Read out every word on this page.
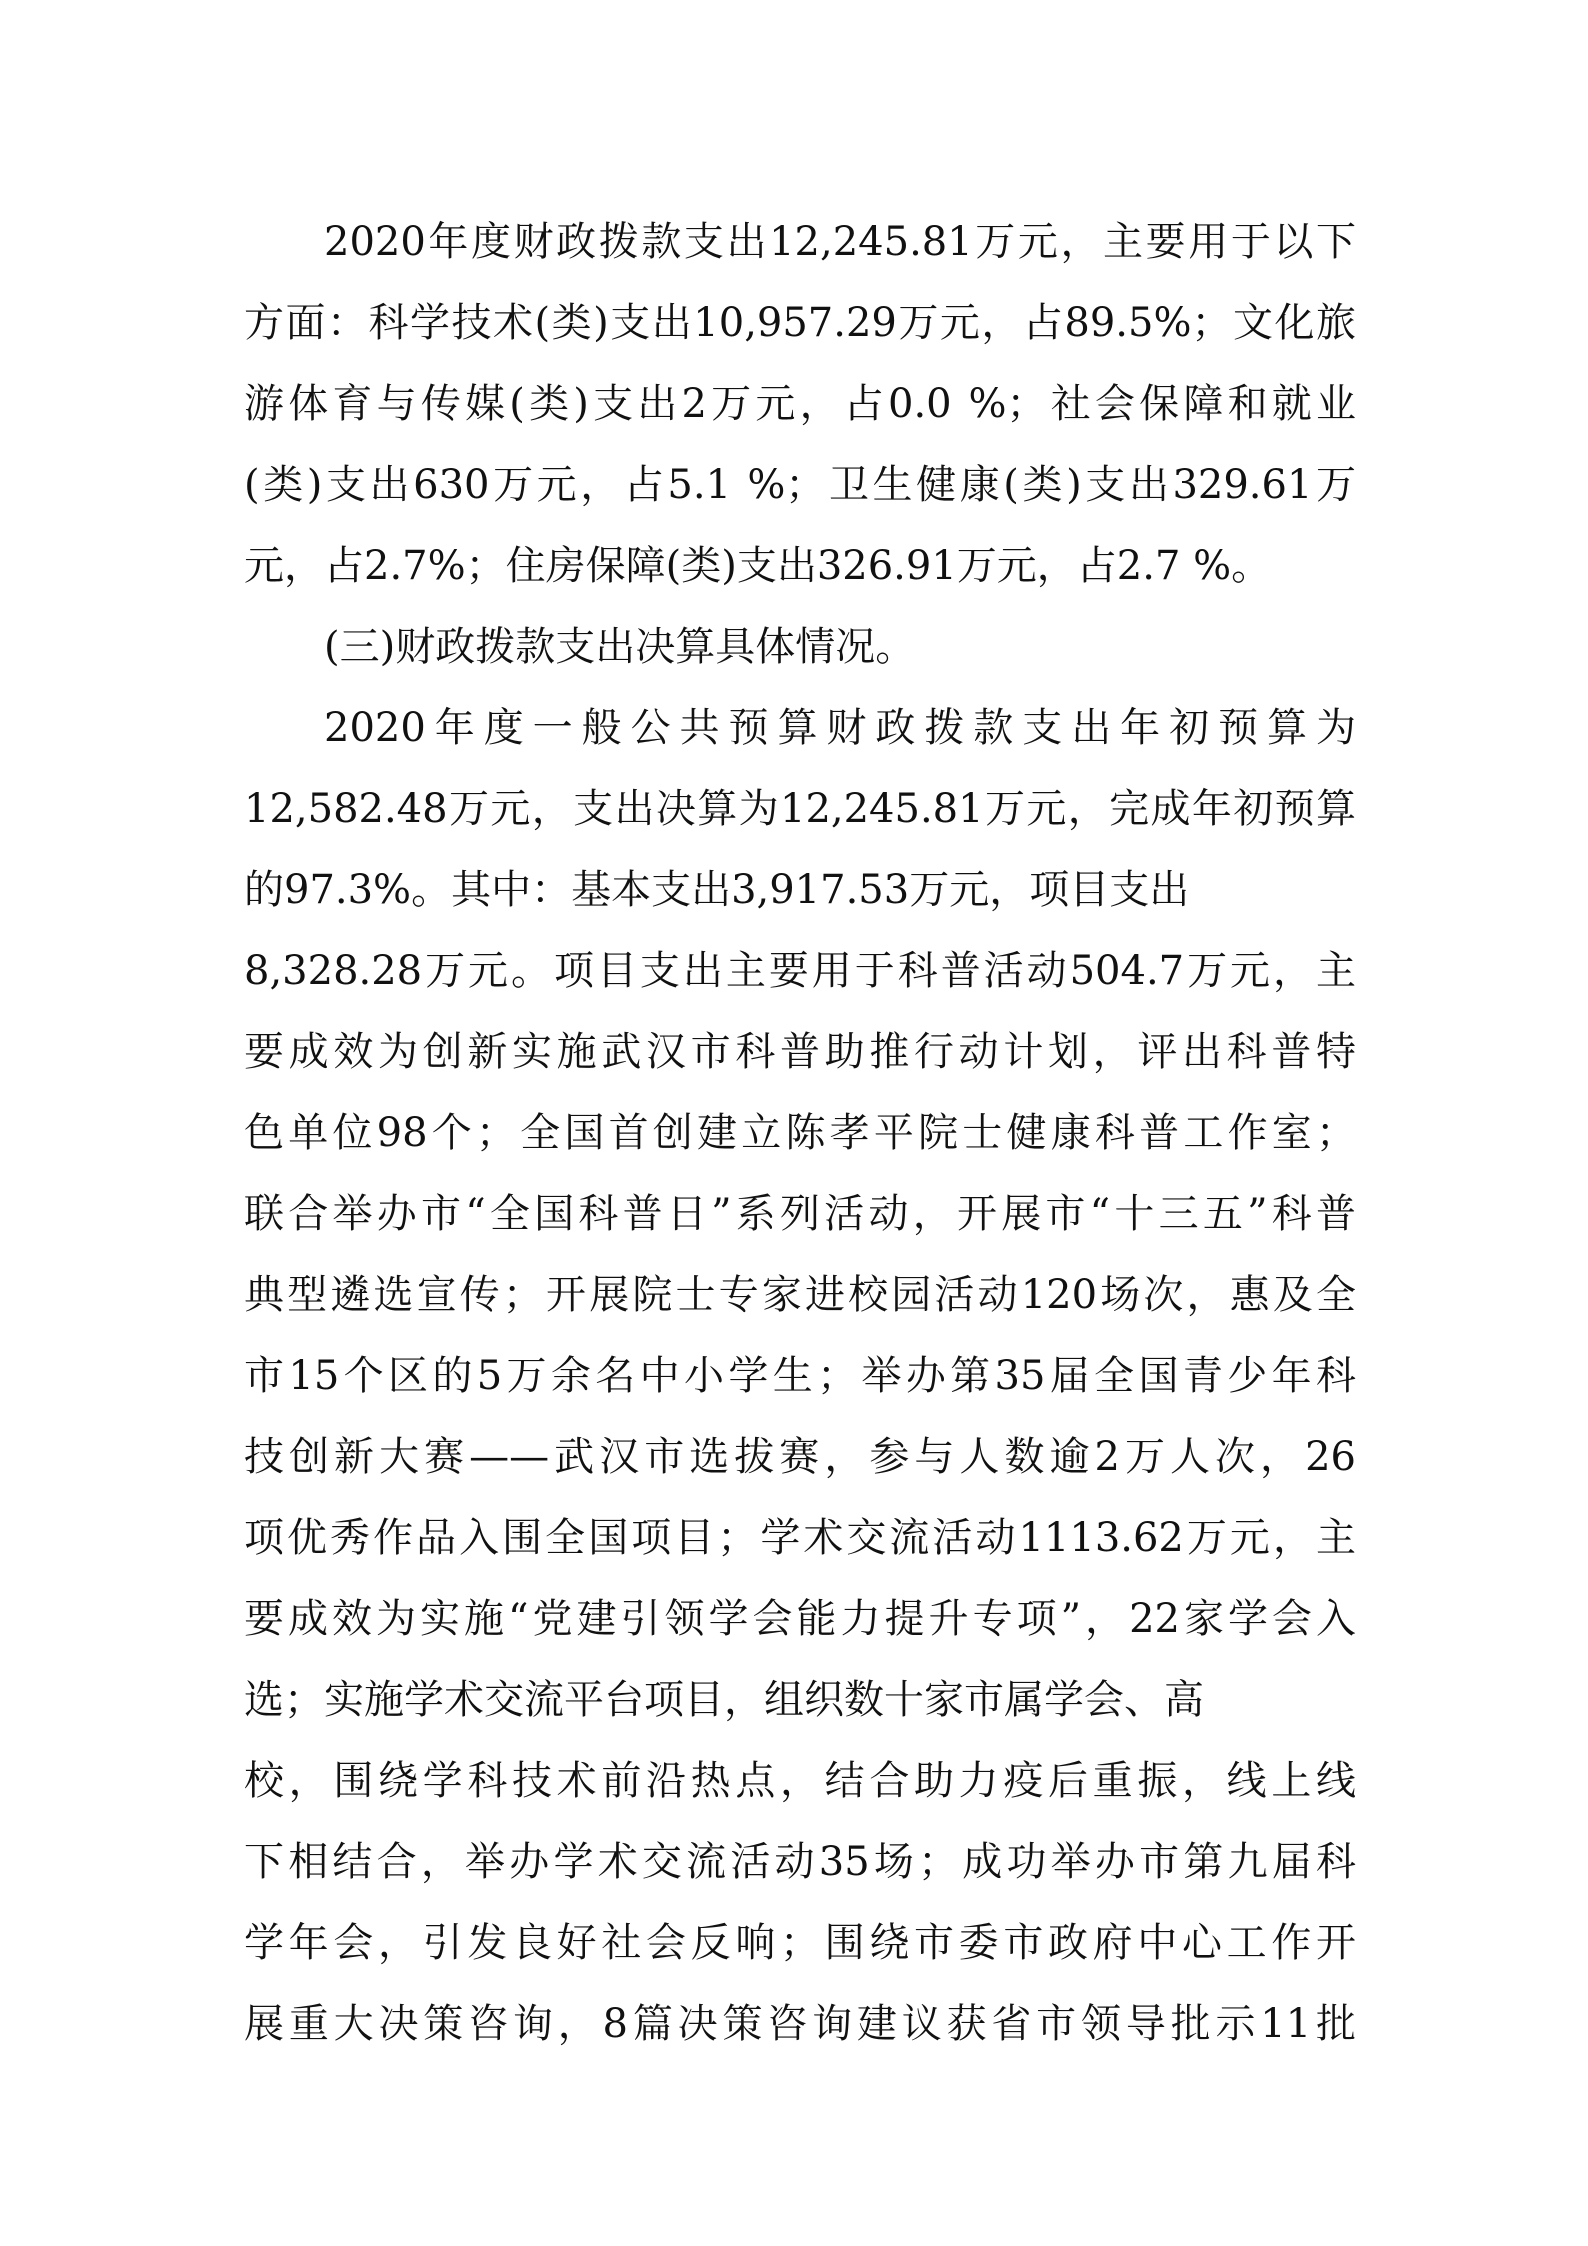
2020年度财政拨款支出12,245.81万元，主要用于以下
方面：科学技术(类)支出10,957.29万元，占89.5%；文化旅
游体育与传媒(类)支出2万元，占0.0 %；社会保障和就业
(类)支出630万元，占5.1 %；卫生健康(类)支出329.61万
元，占2.7%；住房保障(类)支出326.91万元，占2.7 %。
(三)财政拨款支出决算具体情况。
2020年度一般公共预算财政拨款支出年初预算为
12,582.48万元，支出决算为12,245.81万元，完成年初预算
的97.3%。其中：基本支出3,917.53万元，项目支出
8,328.28万元。项目支出主要用于科普活动504.7万元，主
要成效为创新实施武汉市科普助推行动计划，评出科普特
色单位98个；全国首创建立陈孝平院士健康科普工作室；
联合举办市“全国科普日”系列活动，开展市“十三五”科普
典型遴选宣传；开展院士专家进校园活动120场次，惠及全
市15个区的5万余名中小学生；举办第35届全国青少年科
技创新大赛——武汉市选拔赛，参与人数逾2万人次，26
项优秀作品入围全国项目；学术交流活动1113.62万元，主
要成效为实施“党建引领学会能力提升专项”，22家学会入
选；实施学术交流平台项目，组织数十家市属学会、高
校，围绕学科技术前沿热点，结合助力疫后重振，线上线
下相结合，举办学术交流活动35场；成功举办市第九届科
学年会，引发良好社会反响；围绕市委市政府中心工作开
展重大决策咨询，8篇决策咨询建议获省市领导批示11批
